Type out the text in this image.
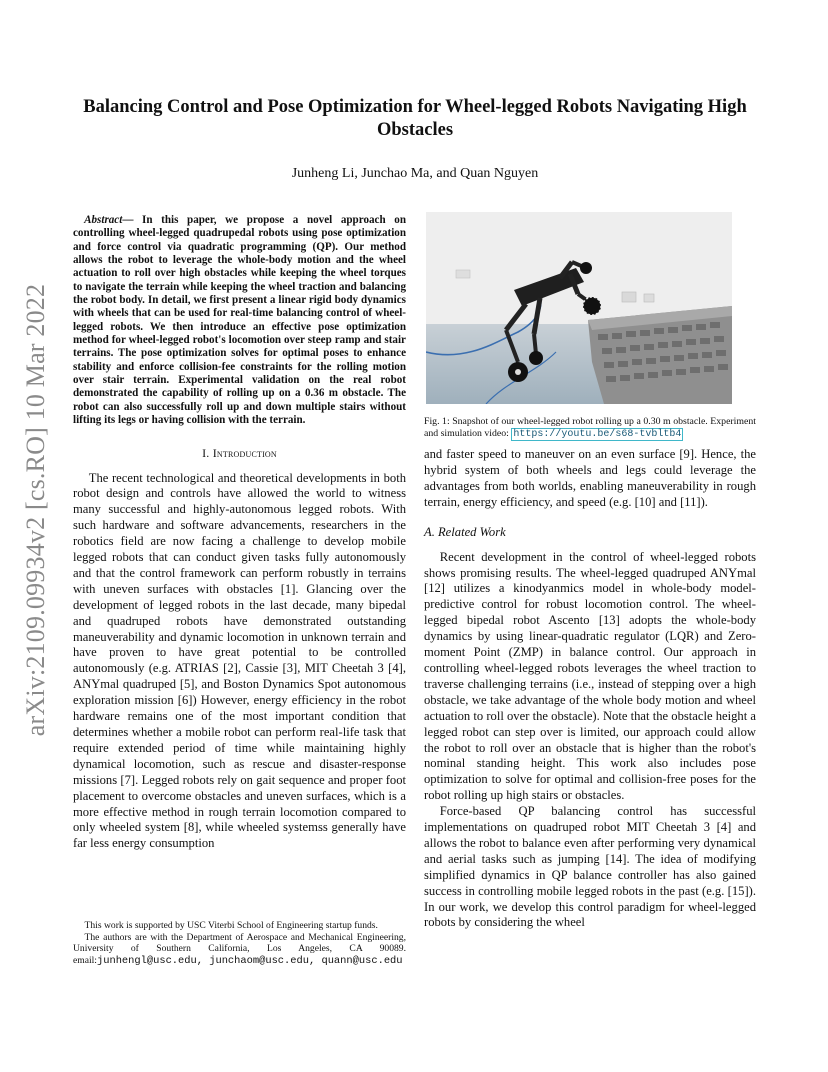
arXiv:2109.09934v2 [cs.RO] 10 Mar 2022
Balancing Control and Pose Optimization for Wheel-legged Robots Navigating High Obstacles
Junheng Li, Junchao Ma, and Quan Nguyen

Abstract— In this paper, we propose a novel approach on controlling wheel-legged quadrupedal robots using pose optimization and force control via quadratic programming (QP). Our method allows the robot to leverage the whole-body motion and the wheel actuation to roll over high obstacles while keeping the wheel torques to navigate the terrain while keeping the wheel traction and balancing the robot body. In detail, we first present a linear rigid body dynamics with wheels that can be used for real-time balancing control of wheel-legged robots. We then introduce an effective pose optimization method for wheel-legged robot's locomotion over steep ramp and stair terrains. The pose optimization solves for optimal poses to enhance stability and enforce collision-fee constraints for the rolling motion over stair terrain. Experimental validation on the real robot demonstrated the capability of rolling up on a 0.36 m obstacle. The robot can also successfully roll up and down multiple stairs without lifting its legs or having collision with the terrain.

I. Introduction

The recent technological and theoretical developments in both robot design and controls have allowed the world to witness many successful and highly-autonomous legged robots. With such hardware and software advancements, researchers in the robotics field are now facing a challenge to develop mobile legged robots that can conduct given tasks fully autonomously and that the control framework can perform robustly in terrains with uneven surfaces with obstacles [1]. Glancing over the development of legged robots in the last decade, many bipedal and quadruped robots have demonstrated outstanding maneuverability and dynamic locomotion in unknown terrain and have proven to have great potential to be controlled autonomously (e.g. ATRIAS [2], Cassie [3], MIT Cheetah 3 [4], ANYmal quadruped [5], and Boston Dynamics Spot autonomous exploration mission [6]) However, energy efficiency in the robot hardware remains one of the most important condition that determines whether a mobile robot can perform real-life task that require extended period of time while maintaining highly dynamical locomotion, such as rescue and disaster-response missions [7]. Legged robots rely on gait sequence and proper foot placement to overcome obstacles and uneven surfaces, which is a more effective method in rough terrain locomotion compared to only wheeled system [8], while wheeled systemss generally have far less energy consumption

This work is supported by USC Viterbi School of Engineering startup funds.

The authors are with the Department of Aerospace and Mechanical Engineering, University of Southern California, Los Angeles, CA 90089. email:junhengl@usc.edu, junchaom@usc.edu, quann@usc.edu

Fig. 1: Snapshot of our wheel-legged robot rolling up a 0.30 m obstacle. Experiment and simulation video: https://youtu.be/s68-tvbltb4

and faster speed to maneuver on an even surface [9]. Hence, the hybrid system of both wheels and legs could leverage the advantages from both worlds, enabling maneuverability in rough terrain, energy efficiency, and speed (e.g. [10] and [11]).

A. Related Work

Recent development in the control of wheel-legged robots shows promising results. The wheel-legged quadruped ANYmal [12] utilizes a kinodyanmics model in whole-body model-predictive control for robust locomotion control. The wheel-legged bipedal robot Ascento [13] adopts the whole-body dynamics by using linear-quadratic regulator (LQR) and Zero-moment Point (ZMP) in balance control. Our approach in controlling wheel-legged robots leverages the wheel traction to traverse challenging terrains (i.e., instead of stepping over a high obstacle, we take advantage of the whole body motion and wheel actuation to roll over the obstacle). Note that the obstacle height a legged robot can step over is limited, our approach could allow the robot to roll over an obstacle that is higher than the robot's nominal standing height. This work also includes pose optimization to solve for optimal and collision-free poses for the robot rolling up high stairs or obstacles.

Force-based QP balancing control has successful implementations on quadruped robot MIT Cheetah 3 [4] and allows the robot to balance even after performing very dynamical and aerial tasks such as jumping [14]. The idea of modifying simplified dynamics in QP balance controller has also gained success in controlling mobile legged robots in the past (e.g. [15]). In our work, we develop this control paradigm for wheel-legged robots by considering the wheel
